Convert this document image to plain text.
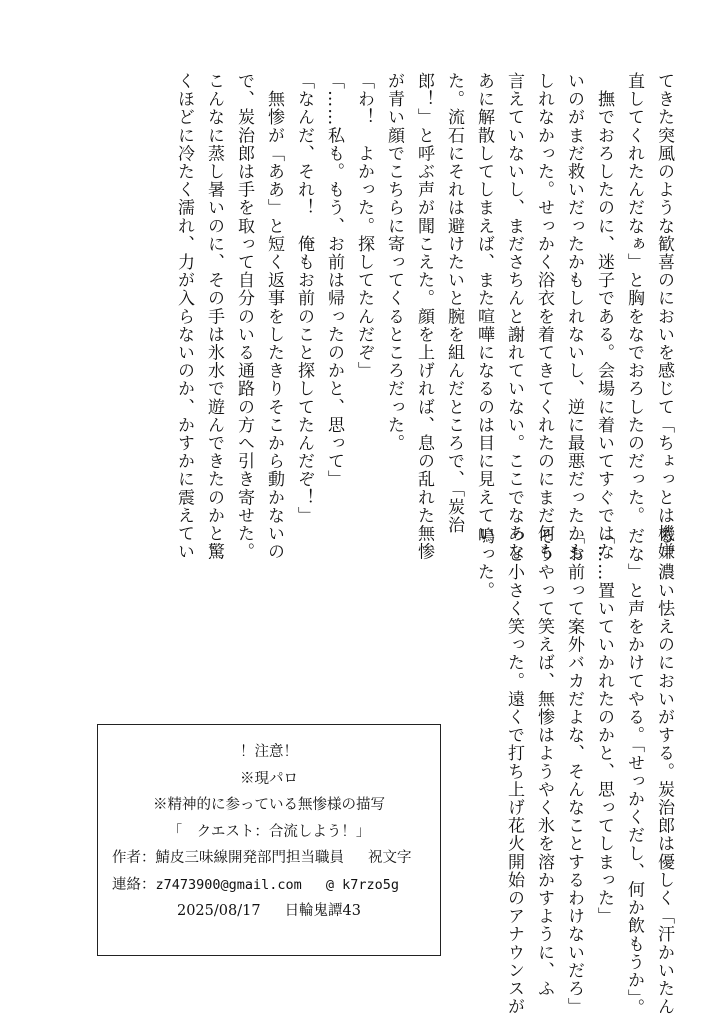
てきた突風のような歓喜のにおいを感じて「ちょっとは機嫌
直してくれたんだなぁ」と胸をなでおろしたのだった。
　撫でおろしたのに、迷子である。会場に着いてすぐではな
いのがまだ救いだったかもしれないし、逆に最悪だったかも
しれなかった。せっかく浴衣を着てきてくれたのにまだ何も
言えていないし、まださちんと謝れていない。ここでなあな
あに解散してしまえば、また喧嘩になるのは目に見えてい
た。流石にそれは避けたいと腕を組んだところで、「炭治
郎！」と呼ぶ声が聞こえた。顔を上げれば、息の乱れた無惨
が青い顔でこちらに寄ってくるところだった。
「わ！　よかった。探してたんだぞ」
「……私も。もう、お前は帰ったのかと、思って」
「なんだ、それ！　俺もお前のこと探してたんだぞ！」
　無惨が「ああ」と短く返事をしたきりそこから動かないの
で、炭治郎は手を取って自分のいる通路の方へ引き寄せた。
こんなに蒸し暑いのに、その手は氷水で遊んできたのかと驚
くほどに冷たく濡れ、力が入らないのか、かすかに震えてい
る。濃い怯えのにおいがする。炭治郎は優しく「汗かいたん
だな」と声をかけてやる。「せっかくだし、何か飲もうか」。
「……置いていかれたのかと、思ってしまった」
「お前って案外バカだよな、そんなことするわけないだろ」
そうやって笑えば、無惨はようやく氷を溶かすように、ふ
っと小さく笑った。遠くで打ち上げ花火開始のアナウンスが
鳴った。
！注意！
※現パロ
※精神的に参っている無惨様の描写
「　クエスト：合流しよう！」
作者：鯖皮三味線開発部門担当職員 祝文字
連絡：z7473900@gmail.com @ k7rzo5g
2025/08/17 日輪鬼譚43
